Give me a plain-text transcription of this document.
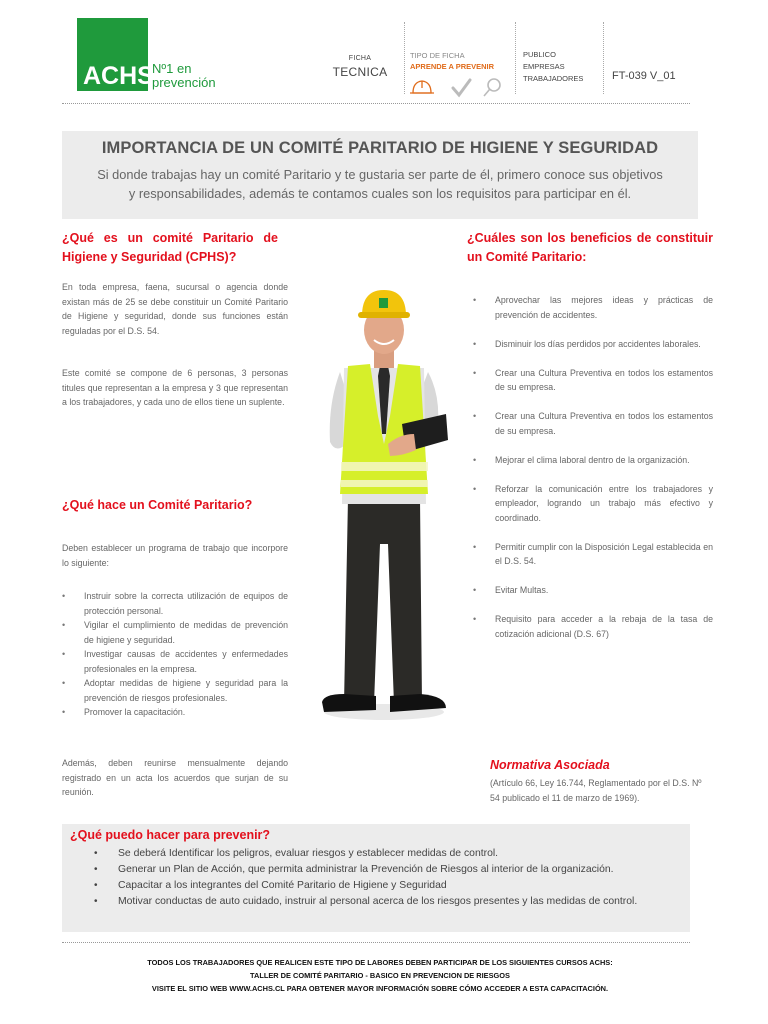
ACHS
Nº1 en
prevención
FICHA
TECNICA
TIPO DE FICHA
APRENDE A PREVENIR
PUBLICO
EMPRESAS
TRABAJADORES	FT-039 V_01
IMPORTANCIA DE UN COMITÉ PARITARIO DE HIGIENE Y SEGURIDAD
Si donde trabajas hay un comité Paritario y te gustaria ser parte de él, primero conoce sus objetivos
y responsabilidades, además te contamos cuales son los requisitos para participar en él.
¿Qué es un comité Paritario de
Higiene y Seguridad (CPHS)?

En toda empresa, faena, sucursal o agencia donde existan más de 25 se debe constituir un Comité Paritario de Higiene y seguridad, donde sus funciones están reguladas por el D.S. 54.

Este comité se compone de 6 personas, 3 personas titules que representan a la empresa y 3 que representan a los trabajadores, y cada uno de ellos tiene un suplente.

¿Qué hace un Comité Paritario?

Deben establecer un programa de trabajo que incorpore lo siguiente:

• Instruir sobre la correcta utilización de equipos de protección personal.
• Vigilar el cumplimiento de medidas de prevención de higiene y seguridad.
• Investigar causas de accidentes y enfermedades profesionales en la empresa.
• Adoptar medidas de higiene y seguridad para la prevención de riesgos profesionales.
• Promover la capacitación.

Además, deben reunirse mensualmente dejando registrado en un acta los acuerdos que surjan de su reunión.

¿Cuáles son los beneficios de constituir
un Comité Paritario:
• Aprovechar las mejores ideas y prácticas de prevención de accidentes.
• Disminuir los días perdidos por accidentes laborales.
• Crear una Cultura Preventiva en todos los estamentos de su empresa.
• Crear una Cultura Preventiva en todos los estamentos de su empresa.
• Mejorar el clima laboral dentro de la organización.
• Reforzar la comunicación entre los trabajadores y empleador, logrando un trabajo más efectivo y coordinado.
• Permitir cumplir con la Disposición Legal establecida en el D.S. 54.
• Evitar Multas.
• Requisito para acceder a la rebaja de la tasa de cotización adicional (D.S. 67)
Normativa Asociada
(Artículo 66, Ley 16.744, Reglamentado por el D.S. Nº 54 publicado el 11 de marzo de 1969).
¿Qué puedo hacer para prevenir?
• Se deberá Identificar los peligros, evaluar riesgos y establecer medidas de control.
• Generar un Plan de Acción, que permita administrar la Prevención de Riesgos al interior de la organización.
• Capacitar a los integrantes del Comité Paritario de Higiene y Seguridad
• Motivar conductas de auto cuidado, instruir al personal acerca de los riesgos presentes y las medidas de control.
TODOS LOS TRABAJADORES QUE REALICEN ESTE TIPO DE LABORES DEBEN PARTICIPAR DE LOS SIGUIENTES CURSOS ACHS:
TALLER DE COMITÉ PARITARIO - BASICO EN PREVENCION DE RIESGOS
VISITE EL SITIO WEB WWW.ACHS.CL PARA OBTENER MAYOR INFORMACIÓN SOBRE CÓMO ACCEDER A ESTA CAPACITACIÓN.
